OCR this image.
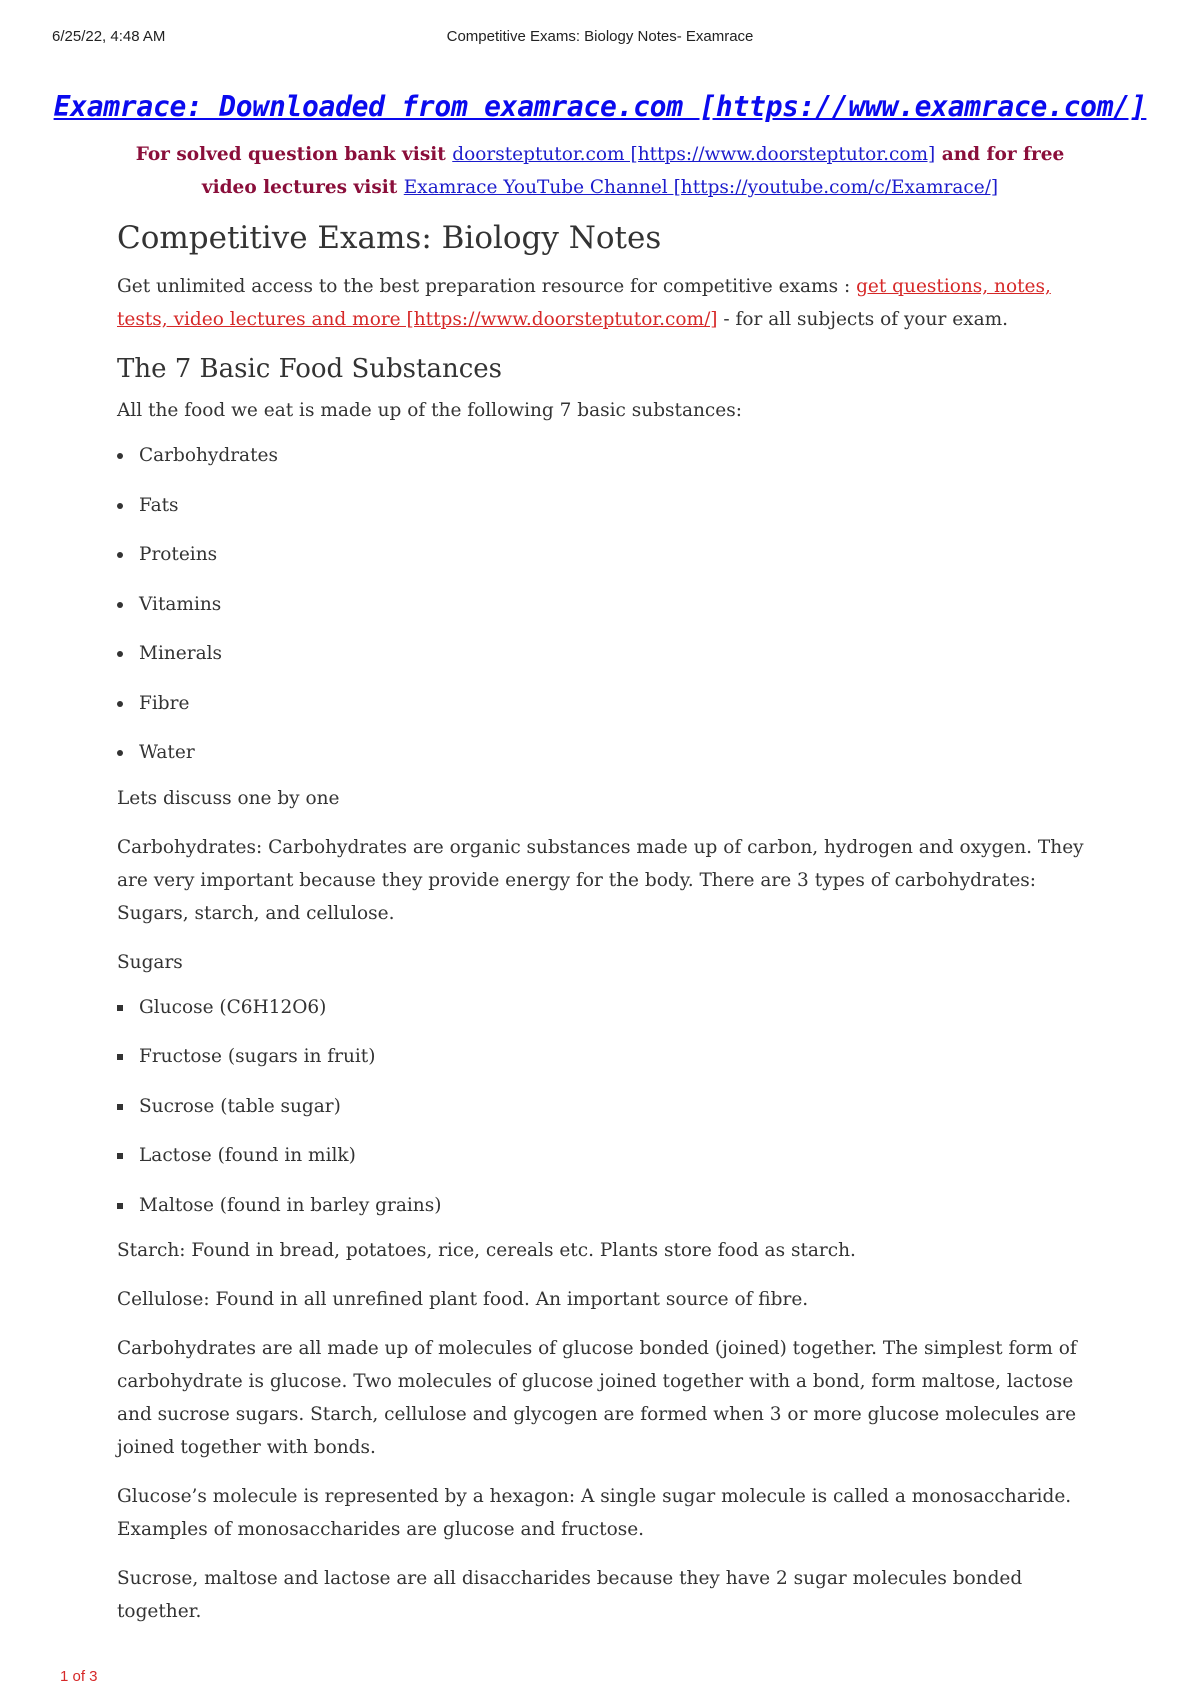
6/25/22, 4:48 AM	Competitive Exams: Biology Notes- Examrace
Examrace: Downloaded from examrace.com [https://www.examrace.com/]
For solved question bank visit doorsteptutor.com [https://www.doorsteptutor.com] and for free video lectures visit Examrace YouTube Channel [https://youtube.com/c/Examrace/]
Competitive Exams: Biology Notes

Get unlimited access to the best preparation resource for competitive exams : get questions, notes, tests, video lectures and more [https://www.doorsteptutor.com/] - for all subjects of your exam.

The 7 Basic Food Substances

All the food we eat is made up of the following 7 basic substances:

Carbohydrates
Fats
Proteins
Vitamins
Minerals
Fibre
Water

Lets discuss one by one

Carbohydrates: Carbohydrates are organic substances made up of carbon, hydrogen and oxygen. They are very important because they provide energy for the body. There are 3 types of carbohydrates: Sugars, starch, and cellulose.

Sugars

Glucose (C6H12O6)
Fructose (sugars in fruit)
Sucrose (table sugar)
Lactose (found in milk)
Maltose (found in barley grains)

Starch: Found in bread, potatoes, rice, cereals etc. Plants store food as starch.

Cellulose: Found in all unrefined plant food. An important source of fibre.

Carbohydrates are all made up of molecules of glucose bonded (joined) together. The simplest form of carbohydrate is glucose. Two molecules of glucose joined together with a bond, form maltose, lactose and sucrose sugars. Starch, cellulose and glycogen are formed when 3 or more glucose molecules are joined together with bonds.

Glucose’s molecule is represented by a hexagon: A single sugar molecule is called a monosaccharide. Examples of monosaccharides are glucose and fructose.

Sucrose, maltose and lactose are all disaccharides because they have 2 sugar molecules bonded together.

1 of 3
